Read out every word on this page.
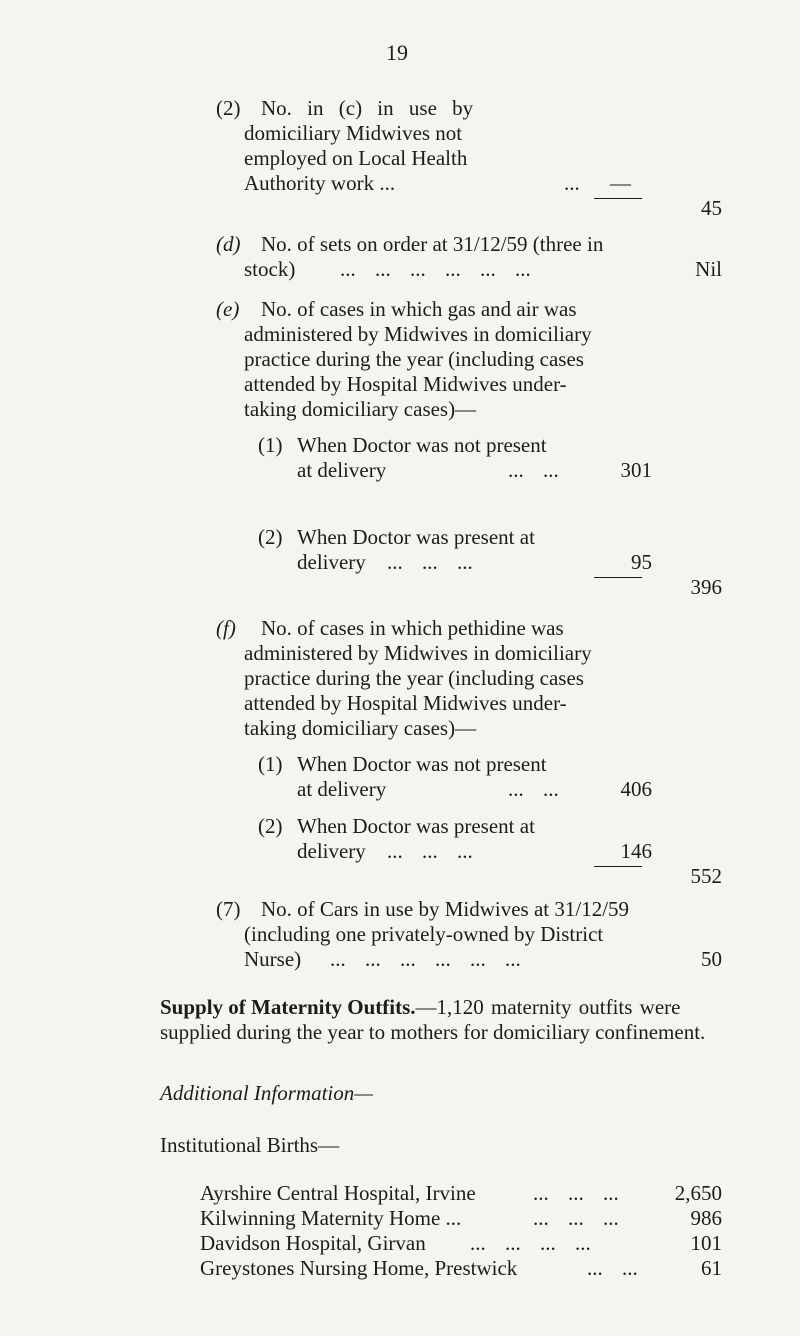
19
(2) No. in (c) in use by
domiciliary Midwives not
employed on Local Health
Authority work ...	... —
45
(d) No. of sets on order at 31/12/59 (three in
stock) ... ... ... ... ... ...	Nil
(e) No. of cases in which gas and air was
administered by Midwives in domiciliary
practice during the year (including cases
attended by Hospital Midwives under-
taking domiciliary cases)—
(1) When Doctor was not present
at delivery	... ...	301
(2) When Doctor was present at
delivery ... ... ...	95
396
(f) No. of cases in which pethidine was
administered by Midwives in domiciliary
practice during the year (including cases
attended by Hospital Midwives under-
taking domiciliary cases)—
(1) When Doctor was not present
at delivery	... ...	406
(2) When Doctor was present at
delivery ... ... ...	146
552
(7) No. of Cars in use by Midwives at 31/12/59
(including one privately-owned by District
Nurse) ... ... ... ... ... ...	50
Supply of Maternity Outfits.—1,120 maternity outfits were
supplied during the year to mothers for domiciliary confinement.
Additional Information—
Institutional Births—
Ayrshire Central Hospital, Irvine	... ... ...	2,650
Kilwinning Maternity Home ...	... ... ...	986
Davidson Hospital, Girvan ... ... ... ...	101
Greystones Nursing Home, Prestwick	... ...	61
